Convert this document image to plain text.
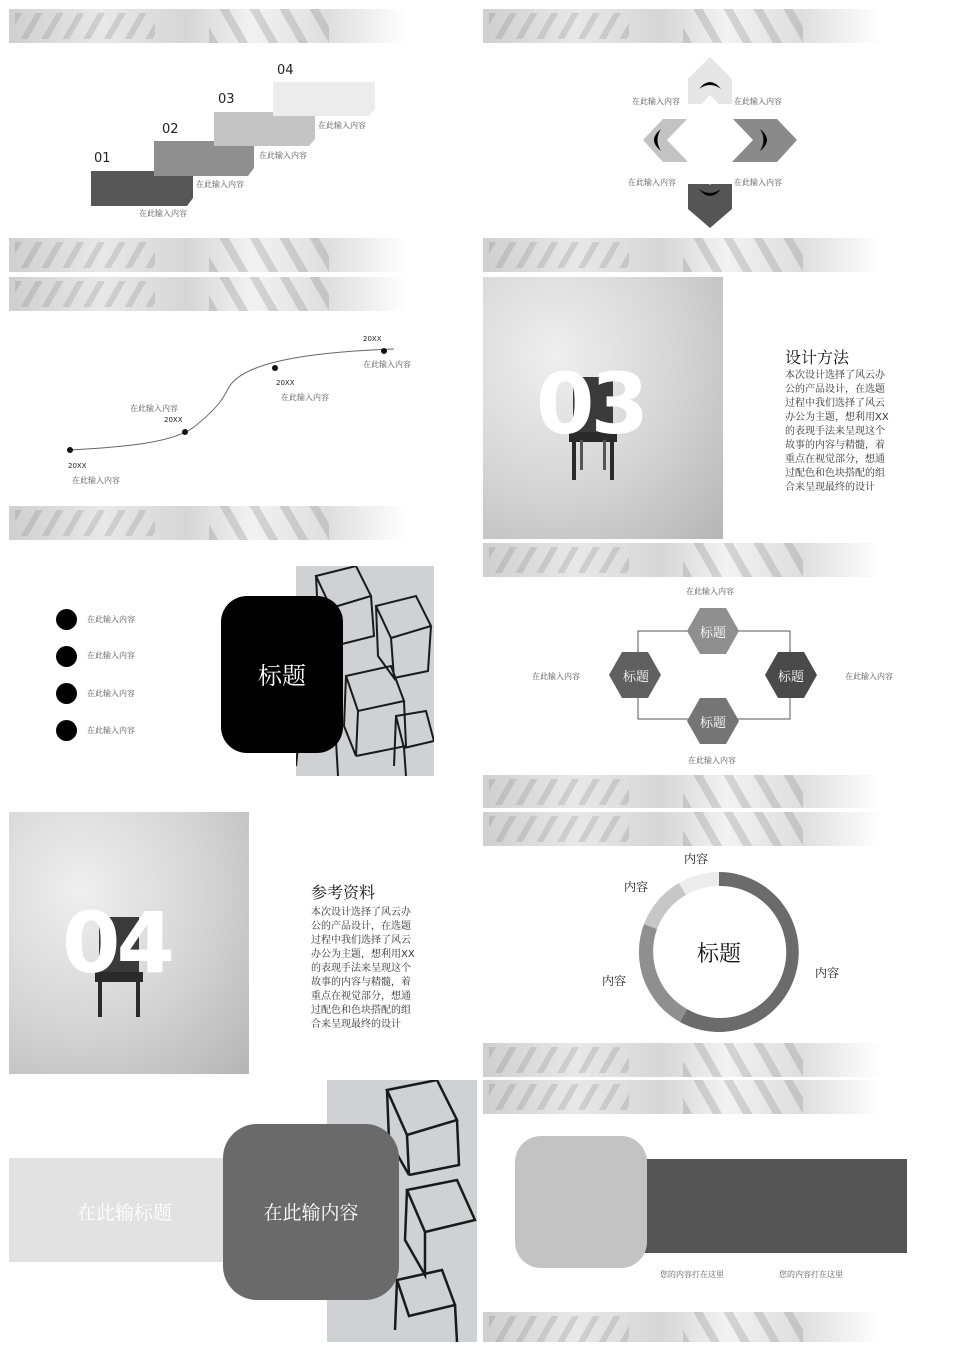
01
在此输入内容
02
在此输入内容
03
在此输入内容
04
在此输入内容
在此输入内容	在此输入内容
在此输入内容	在此输入内容
20XX
在此输入内容
在此输入内容
20XX
20XX
在此输入内容
20XX
在此输入内容 03	设计方法
本次设计选择了风云办公的产品设计，在选题过程中我们选择了风云办公为主题，想利用XX的表现手法来呈现这个故事的内容与精髓，着重点在视觉部分，想通过配色和色块搭配的组合来呈现最终的设计
在此输入内容
在此输入内容
在此输入内容
在此输入内容
标题
标题
标题	标题
标题
在此输入内容
在此输入内容	在此输入内容
在此输入内容
04
参考资料
本次设计选择了风云办公的产品设计，在选题过程中我们选择了风云办公为主题，想利用XX的表现手法来呈现这个故事的内容与精髓，着重点在视觉部分，想通过配色和色块搭配的组合来呈现最终的设计
标题
内容
内容
内容
内容
在此输标题	在此输内容
您的内容打在这里	您的内容打在这里
